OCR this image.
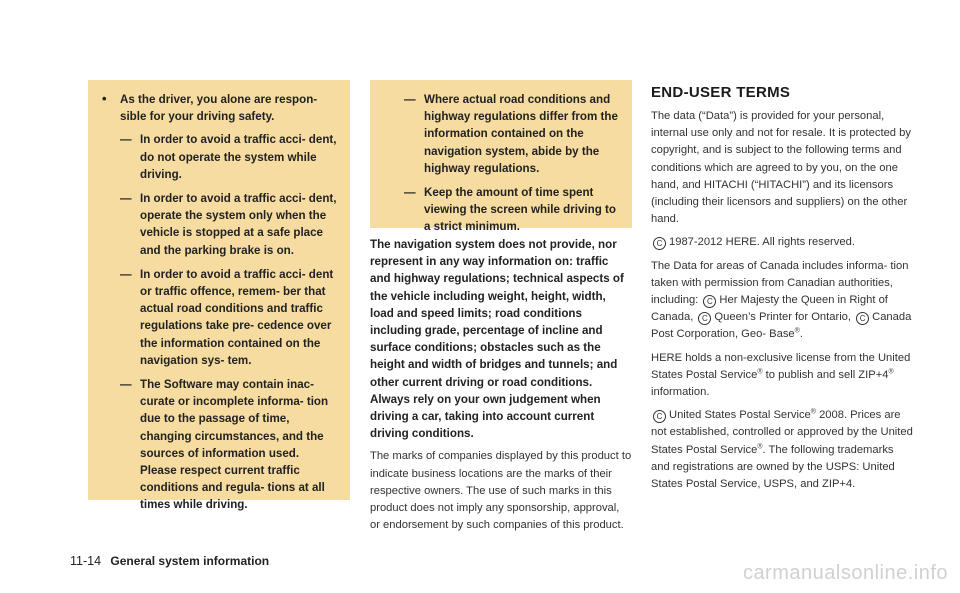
• As the driver, you alone are respon- sible for your driving safety.
— In order to avoid a traffic acci- dent, do not operate the system while driving.
— In order to avoid a traffic acci- dent, operate the system only when the vehicle is stopped at a safe place and the parking brake is on.
— In order to avoid a traffic acci- dent or traffic offence, remem- ber that actual road conditions and traffic regulations take pre- cedence over the information contained on the navigation sys- tem.
— The Software may contain inac- curate or incomplete informa- tion due to the passage of time, changing circumstances, and the sources of information used. Please respect current traffic conditions and regula- tions at all times while driving.
— Where actual road conditions and highway regulations differ from the information contained on the navigation system, abide by the highway regulations.
— Keep the amount of time spent viewing the screen while driving to a strict minimum.

The navigation system does not provide, nor represent in any way information on: traffic and highway regulations; technical aspects of the vehicle including weight, height, width, load and speed limits; road conditions including grade, percentage of incline and surface conditions; obstacles such as the height and width of bridges and tunnels; and other current driving or road conditions. Always rely on your own judgement when driving a car, taking into account current driving conditions.

The marks of companies displayed by this product to indicate business locations are the marks of their respective owners. The use of such marks in this product does not imply any sponsorship, approval, or endorsement by such companies of this product.

END-USER TERMS

The data (“Data”) is provided for your personal, internal use only and not for resale. It is protected by copyright, and is subject to the following terms and conditions which are agreed to by you, on the one hand, and HITACHI (“HITACHI”) and its licensors (including their licensors and suppliers) on the other hand.

C 1987-2012 HERE. All rights reserved.

The Data for areas of Canada includes informa- tion taken with permission from Canadian authorities, including: C Her Majesty the Queen in Right of Canada, C Queen’s Printer for Ontario, C Canada Post Corporation, Geo- Base®.

HERE holds a non-exclusive license from the United States Postal Service® to publish and sell ZIP+4® information.

C United States Postal Service® 2008. Prices are not established, controlled or approved by the United States Postal Service®. The following trademarks and registrations are owned by the USPS: United States Postal Service, USPS, and ZIP+4.

11-14 General system information
carmanualsonline.info
